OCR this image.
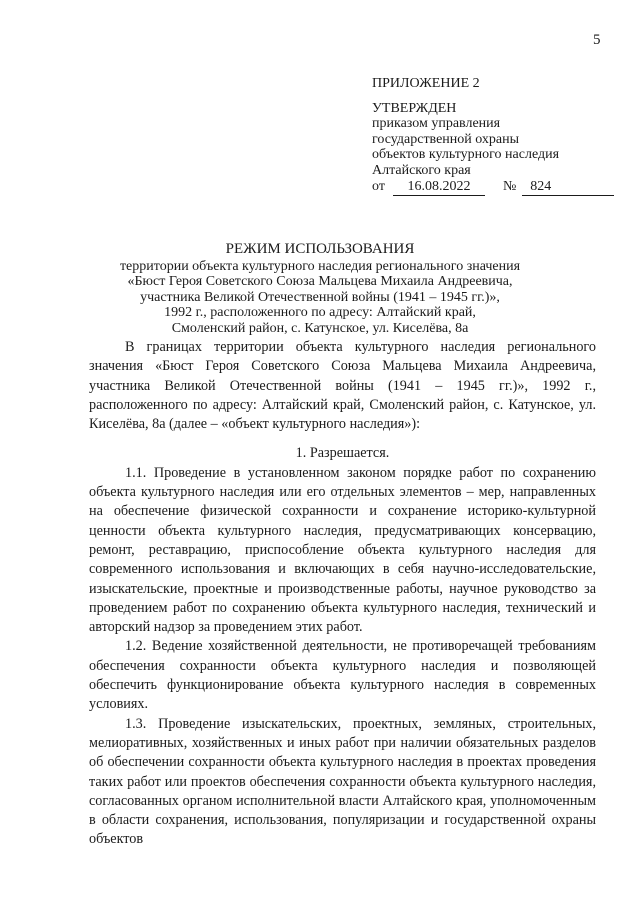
5
ПРИЛОЖЕНИЕ 2
УТВЕРЖДЕН
приказом управления
государственной охраны
объектов культурного наследия
Алтайского края
от 16.08.2022 № 824
РЕЖИМ ИСПОЛЬЗОВАНИЯ
территории объекта культурного наследия регионального значения
«Бюст Героя Советского Союза Мальцева Михаила Андреевича,
участника Великой Отечественной войны (1941 – 1945 гг.)»,
1992 г., расположенного по адресу: Алтайский край,
Смоленский район, с. Катунское, ул. Киселёва, 8а

В границах территории объекта культурного наследия регионального значения «Бюст Героя Советского Союза Мальцева Михаила Андреевича, участника Великой Отечественной войны (1941 – 1945 гг.)», 1992 г., расположенного по адресу: Алтайский край, Смоленский район, с. Катунское, ул. Киселёва, 8а (далее – «объект культурного наследия»):

1. Разрешается.

1.1. Проведение в установленном законом порядке работ по сохранению объекта культурного наследия или его отдельных элементов – мер, направленных на обеспечение физической сохранности и сохранение историко-культурной ценности объекта культурного наследия, предусматривающих консервацию, ремонт, реставрацию, приспособление объекта культурного наследия для современного использования и включающих в себя научно-исследовательские, изыскательские, проектные и производственные работы, научное руководство за проведением работ по сохранению объекта культурного наследия, технический и авторский надзор за проведением этих работ.

1.2. Ведение хозяйственной деятельности, не противоречащей требованиям обеспечения сохранности объекта культурного наследия и позволяющей обеспечить функционирование объекта культурного наследия в современных условиях.

1.3. Проведение изыскательских, проектных, земляных, строительных, мелиоративных, хозяйственных и иных работ при наличии обязательных разделов об обеспечении сохранности объекта культурного наследия в проектах проведения таких работ или проектов обеспечения сохранности объекта культурного наследия, согласованных органом исполнительной власти Алтайского края, уполномоченным в области сохранения, использования, популяризации и государственной охраны объектов
